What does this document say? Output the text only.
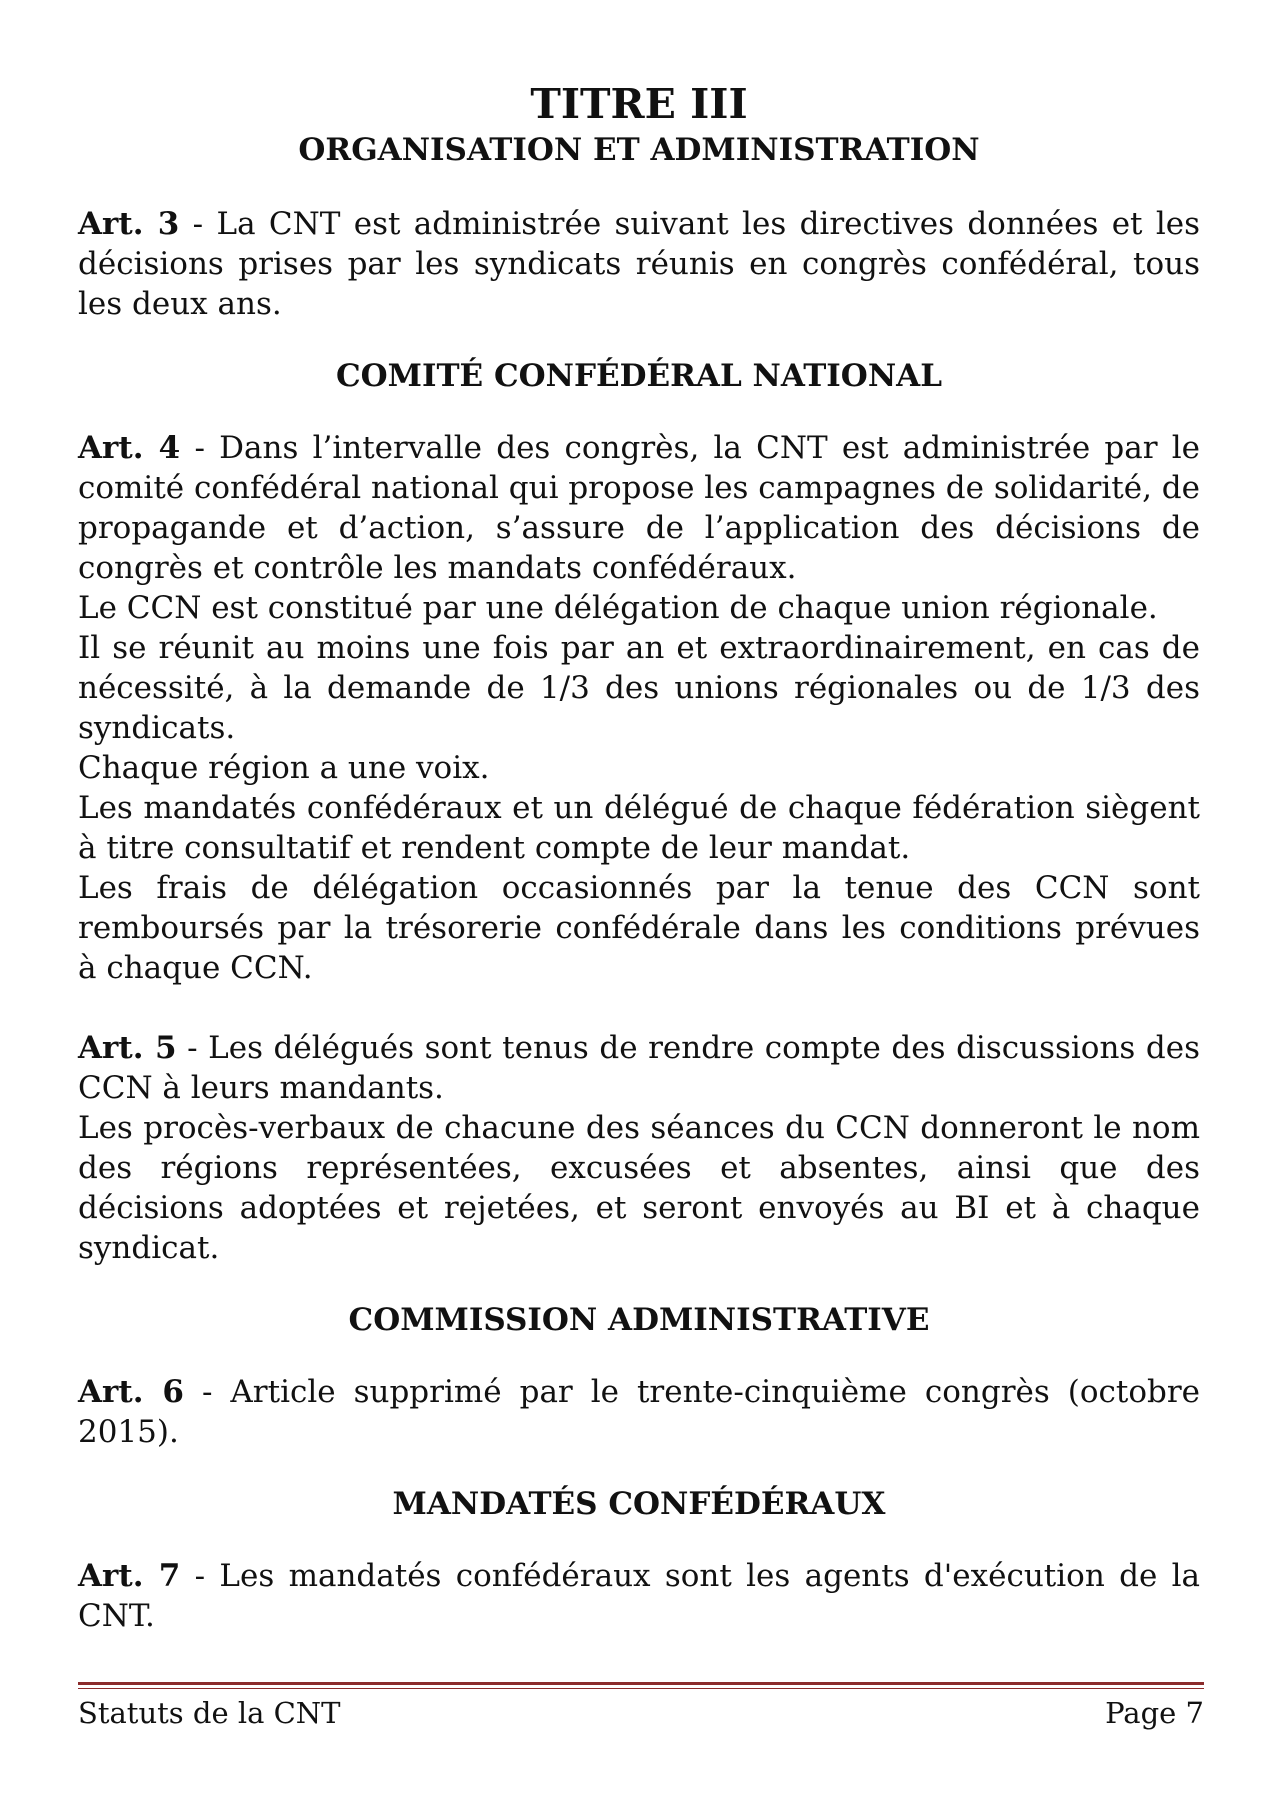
TITRE III
ORGANISATION ET ADMINISTRATION

Art. 3 - La CNT est administrée suivant les directives données et les décisions prises par les syndicats réunis en congrès confédéral, tous les deux ans.

COMITÉ CONFÉDÉRAL NATIONAL

Art. 4 - Dans l’intervalle des congrès, la CNT est administrée par le comité confédéral national qui propose les campagnes de solidarité, de propagande et d’action, s’assure de l’application des décisions de congrès et contrôle les mandats confédéraux.

Le CCN est constitué par une délégation de chaque union régionale.

Il se réunit au moins une fois par an et extraordinairement, en cas de nécessité, à la demande de 1/3 des unions régionales ou de 1/3 des syndicats.

Chaque région a une voix.

Les mandatés confédéraux et un délégué de chaque fédération siègent à titre consultatif et rendent compte de leur mandat.

Les frais de délégation occasionnés par la tenue des CCN sont remboursés par la trésorerie confédérale dans les conditions prévues à chaque CCN.

Art. 5 - Les délégués sont tenus de rendre compte des discussions des CCN à leurs mandants.

Les procès-verbaux de chacune des séances du CCN donneront le nom des régions représentées, excusées et absentes, ainsi que des décisions adoptées et rejetées, et seront envoyés au BI et à chaque syndicat.

COMMISSION ADMINISTRATIVE

Art. 6 - Article supprimé par le trente-cinquième congrès (octobre 2015).

MANDATÉS CONFÉDÉRAUX

Art. 7 - Les mandatés confédéraux sont les agents d'exécution de la CNT.

Statuts de la CNT	Page 7
